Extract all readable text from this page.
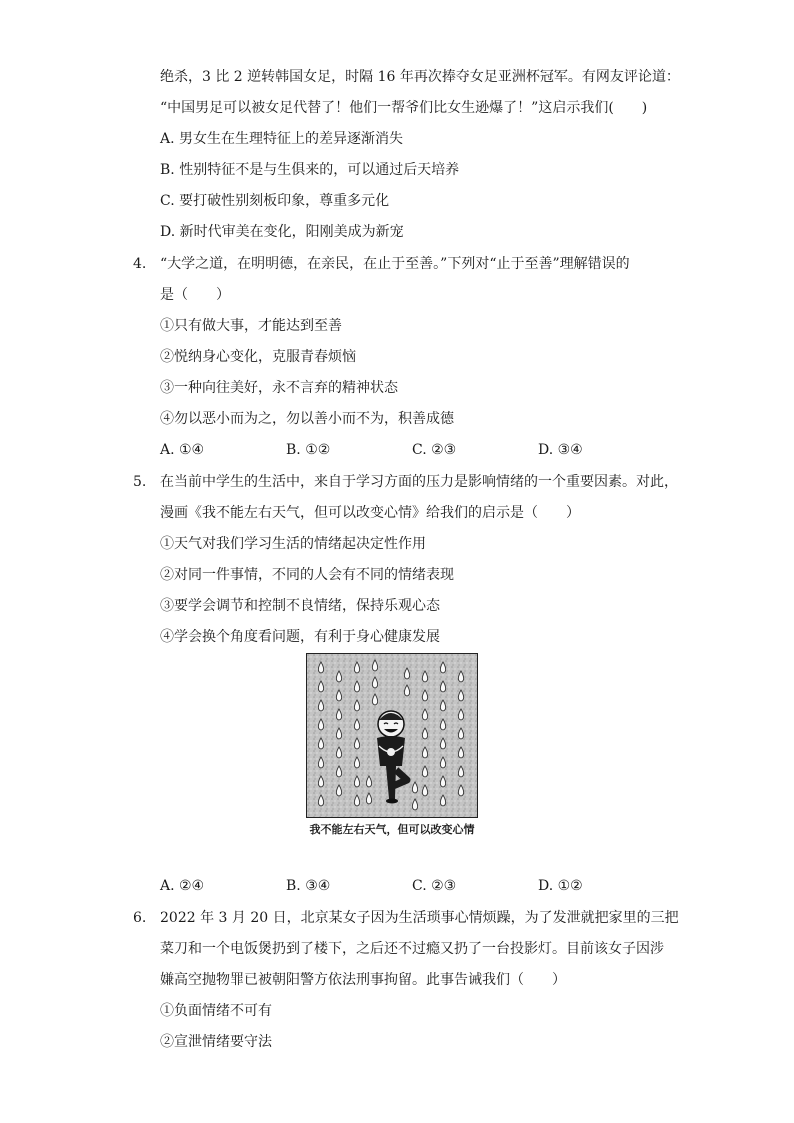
绝杀，3 比 2 逆转韩国女足，时隔 16 年再次捧夺女足亚洲杯冠军。有网友评论道：
“中国男足可以被女足代替了！他们一帮爷们比女生逊爆了！”这启示我们(　　)
A. 男女生在生理特征上的差异逐渐消失
B. 性别特征不是与生俱来的，可以通过后天培养
C. 要打破性别刻板印象，尊重多元化
D. 新时代审美在变化，阳刚美成为新宠
4. “大学之道，在明明德，在亲民，在止于至善。”下列对“止于至善”理解错误的
是（　　）
①只有做大事，才能达到至善
②悦纳身心变化，克服青春烦恼
③一种向往美好，永不言弃的精神状态
④勿以恶小而为之，勿以善小而不为，积善成德
A. ①④	B. ①②	C. ②③	D. ③④
5. 在当前中学生的生活中，来自于学习方面的压力是影响情绪的一个重要因素。对此，
漫画《我不能左右天气，但可以改变心情》给我们的启示是（　　）
①天气对我们学习生活的情绪起决定性作用
②对同一件事情，不同的人会有不同的情绪表现
③要学会调节和控制不良情绪，保持乐观心态
④学会换个角度看问题，有利于身心健康发展
我不能左右天气，但可以改变心情
A. ②④	B. ③④	C. ②③	D. ①②
6. 2022 年 3 月 20 日，北京某女子因为生活琐事心情烦躁，为了发泄就把家里的三把
菜刀和一个电饭煲扔到了楼下，之后还不过瘾又扔了一台投影灯。目前该女子因涉
嫌高空抛物罪已被朝阳警方依法刑事拘留。此事告诫我们（　　）
①负面情绪不可有
②宣泄情绪要守法
